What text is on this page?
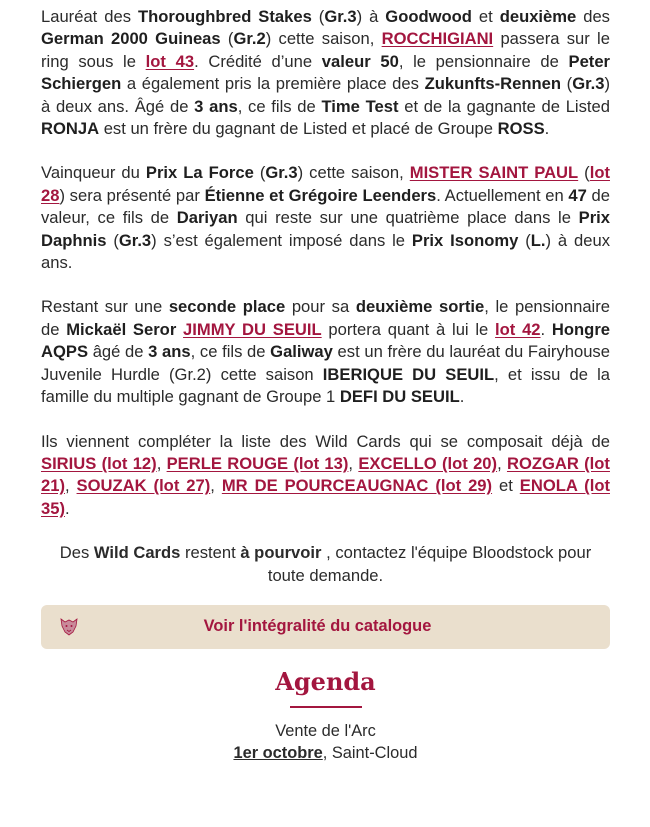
Lauréat des Thoroughbred Stakes (Gr.3) à Goodwood et deuxième des German 2000 Guineas (Gr.2) cette saison, ROCCHIGIANI passera sur le ring sous le lot 43. Crédité d’une valeur 50, le pensionnaire de Peter Schiergen a également pris la première place des Zukunfts-Rennen (Gr.3) à deux ans. Âgé de 3 ans, ce fils de Time Test et de la gagnante de Listed RONJA est un frère du gagnant de Listed et placé de Groupe ROSS.

Vainqueur du Prix La Force (Gr.3) cette saison, MISTER SAINT PAUL (lot 28) sera présenté par Étienne et Grégoire Leenders. Actuellement en 47 de valeur, ce fils de Dariyan qui reste sur une quatrième place dans le Prix Daphnis (Gr.3) s’est également imposé dans le Prix Isonomy (L.) à deux ans.

Restant sur une seconde place pour sa deuxième sortie, le pensionnaire de Mickaël Seror JIMMY DU SEUIL portera quant à lui le lot 42. Hongre AQPS âgé de 3 ans, ce fils de Galiway est un frère du lauréat du Fairyhouse Juvenile Hurdle (Gr.2) cette saison IBERIQUE DU SEUIL, et issu de la famille du multiple gagnant de Groupe 1 DEFI DU SEUIL.

Ils viennent compléter la liste des Wild Cards qui se composait déjà de SIRIUS (lot 12), PERLE ROUGE (lot 13), EXCELLO (lot 20), ROZGAR (lot 21), SOUZAK (lot 27), MR DE POURCEAUGNAC (lot 29) et ENOLA (lot 35).

Des Wild Cards restent à pourvoir , contactez l'équipe Bloodstock pour toute demande.

Voir l'intégralité du catalogue
Agenda
Vente de l'Arc
1er octobre, Saint-Cloud
